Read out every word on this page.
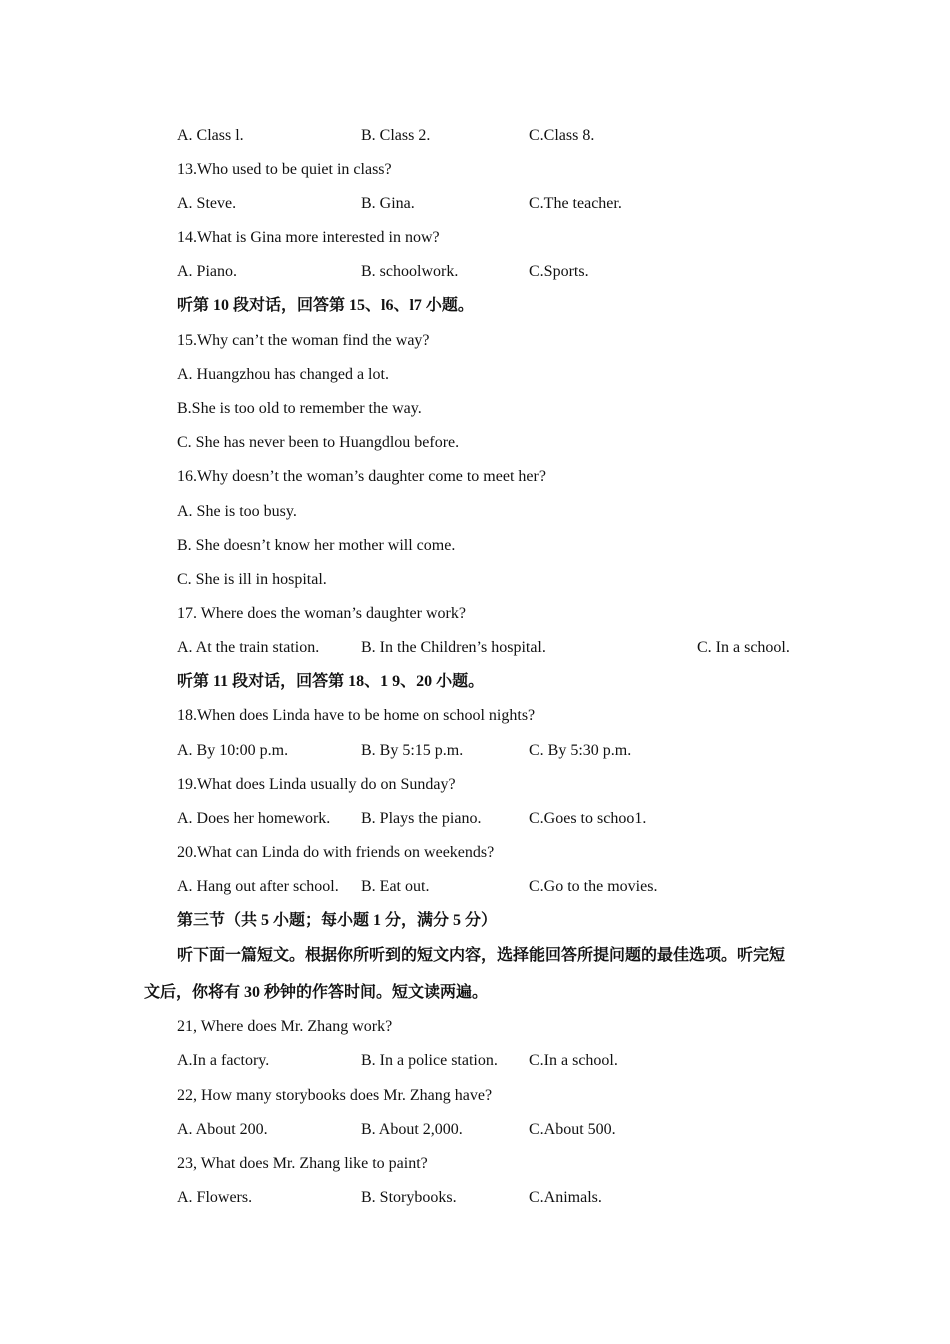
A. Class l.	B. Class 2.	C.Class 8.
13.Who used to be quiet in class?
A. Steve.	B. Gina.	C.The teacher.
14.What is Gina more interested in now?
A. Piano.	B. schoolwork.	C.Sports.
听第 10 段对话，回答第 15、l6、l7 小题。
15.Why can’t the woman find the way?
A. Huangzhou has changed a lot.
B.She is too old to remember the way.
C. She has never been to Huangdlou before.
16.Why doesn’t the woman’s daughter come to meet her?
A. She is too busy.
B. She doesn’t know her mother will come.
C. She is ill in hospital.
17. Where does the woman’s daughter work?
A. At the train station.	B. In the Children’s hospital.	C. In a school.
听第 11 段对话，回答第 18、1 9、20 小题。
18.When does Linda have to be home on school nights?
A. By 10:00 p.m.	B. By 5:15 p.m.	C. By 5:30 p.m.
19.What does Linda usually do on Sunday?
A. Does her homework. B. Plays the piano.	C.Goes to schoo1.
20.What can Linda do with friends on weekends?
A. Hang out after school. B. Eat out.	C.Go to the movies.
第三节（共 5 小题；每小题 1 分，满分 5 分）
听下面一篇短文。根据你所听到的短文内容，选择能回答所提问题的最佳选项。听完短
文后，你将有 30 秒钟的作答时间。短文读两遍。
21, Where does Mr. Zhang work?
A.In a factory.	B. In a police station. C.In a school.
22, How many storybooks does Mr. Zhang have?
A. About 200.	B. About 2,000.	C.About 500.
23, What does Mr. Zhang like to paint?
A. Flowers.	B. Storybooks.	C.Animals.
